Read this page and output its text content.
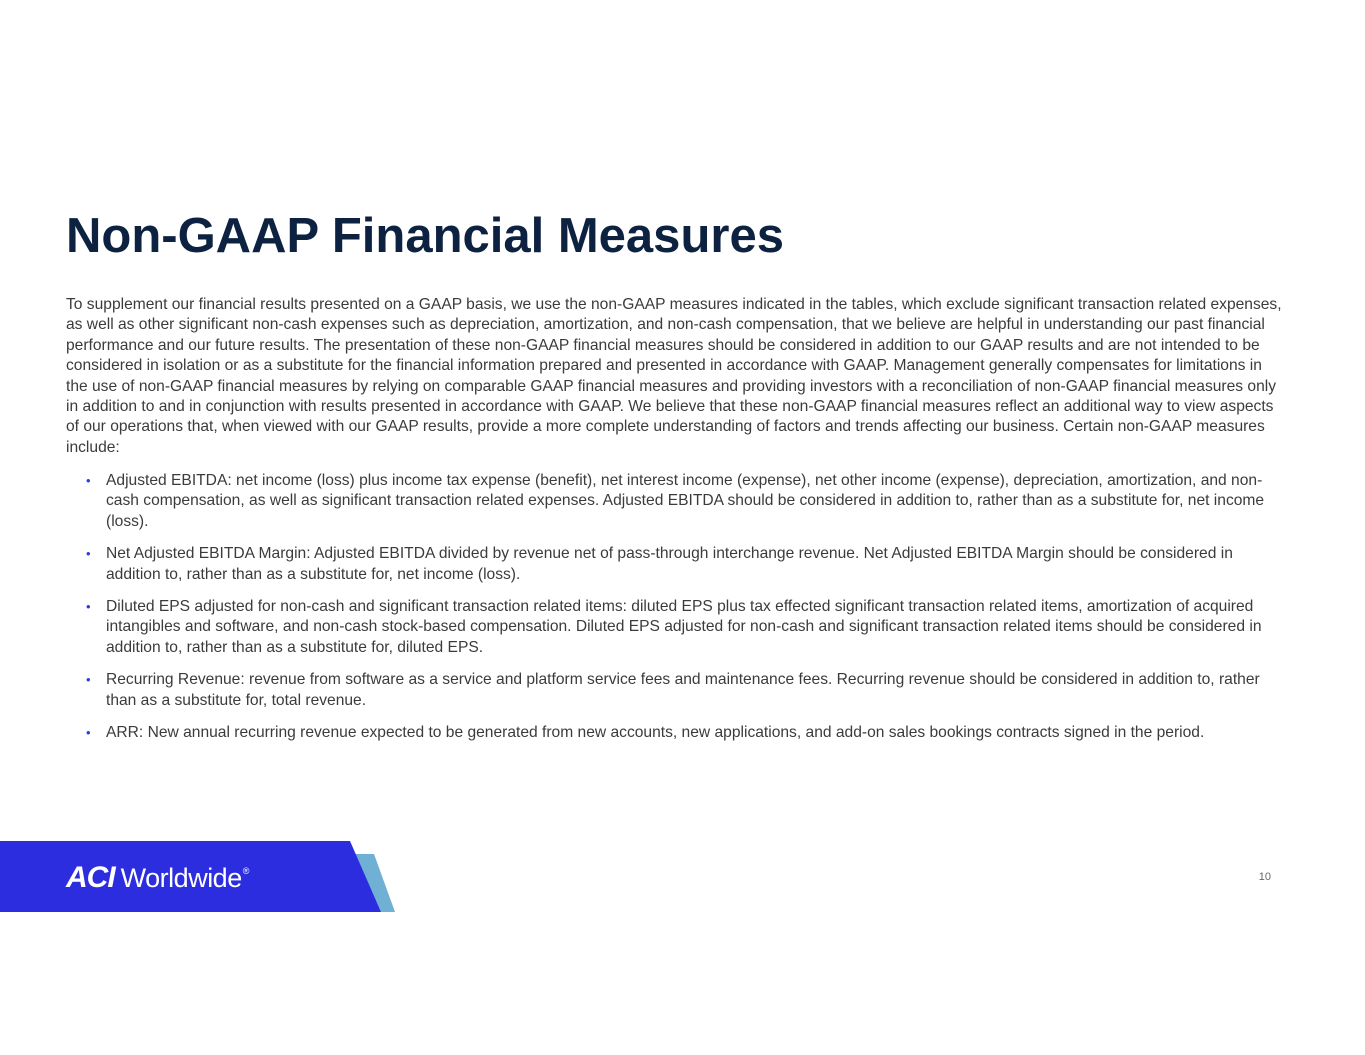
Non-GAAP Financial Measures

To supplement our financial results presented on a GAAP basis, we use the non-GAAP measures indicated in the tables, which exclude significant transaction related expenses, as well as other significant non-cash expenses such as depreciation, amortization, and non-cash compensation, that we believe are helpful in understanding our past financial performance and our future results. The presentation of these non-GAAP financial measures should be considered in addition to our GAAP results and are not intended to be considered in isolation or as a substitute for the financial information prepared and presented in accordance with GAAP. Management generally compensates for limitations in the use of non-GAAP financial measures by relying on comparable GAAP financial measures and providing investors with a reconciliation of non-GAAP financial measures only in addition to and in conjunction with results presented in accordance with GAAP. We believe that these non-GAAP financial measures reflect an additional way to view aspects of our operations that, when viewed with our GAAP results, provide a more complete understanding of factors and trends affecting our business. Certain non-GAAP measures include:

• Adjusted EBITDA: net income (loss) plus income tax expense (benefit), net interest income (expense), net other income (expense), depreciation, amortization, and non-cash compensation, as well as significant transaction related expenses. Adjusted EBITDA should be considered in addition to, rather than as a substitute for, net income (loss).
• Net Adjusted EBITDA Margin: Adjusted EBITDA divided by revenue net of pass-through interchange revenue. Net Adjusted EBITDA Margin should be considered in addition to, rather than as a substitute for, net income (loss).
• Diluted EPS adjusted for non-cash and significant transaction related items: diluted EPS plus tax effected significant transaction related items, amortization of acquired intangibles and software, and non-cash stock-based compensation. Diluted EPS adjusted for non-cash and significant transaction related items should be considered in addition to, rather than as a substitute for, diluted EPS.
• Recurring Revenue: revenue from software as a service and platform service fees and maintenance fees. Recurring revenue should be considered in addition to, rather than as a substitute for, total revenue.
• ARR: New annual recurring revenue expected to be generated from new accounts, new applications, and add-on sales bookings contracts signed in the period.
ACI Worldwide ®	10
